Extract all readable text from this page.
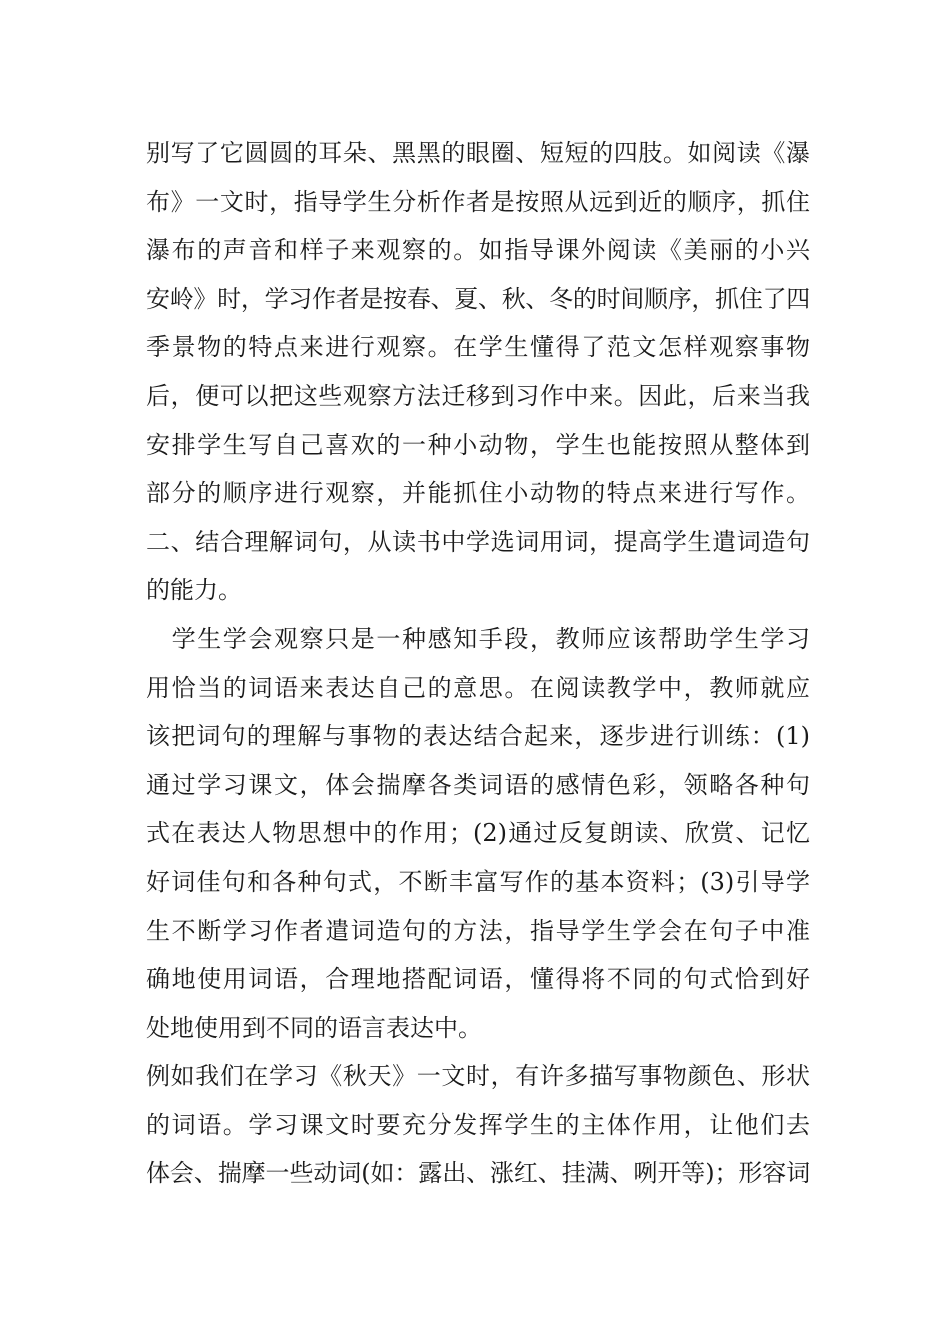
别写了它圆圆的耳朵、黑黑的眼圈、短短的四肢。如阅读《瀑
布》一文时，指导学生分析作者是按照从远到近的顺序，抓住
瀑布的声音和样子来观察的。如指导课外阅读《美丽的小兴
安岭》时，学习作者是按春、夏、秋、冬的时间顺序，抓住了四
季景物的特点来进行观察。在学生懂得了范文怎样观察事物
后，便可以把这些观察方法迁移到习作中来。因此，后来当我
安排学生写自己喜欢的一种小动物，学生也能按照从整体到
部分的顺序进行观察，并能抓住小动物的特点来进行写作。
二、结合理解词句，从读书中学选词用词，提高学生遣词造句
的能力。
　学生学会观察只是一种感知手段，教师应该帮助学生学习
用恰当的词语来表达自己的意思。在阅读教学中，教师就应
该把词句的理解与事物的表达结合起来，逐步进行训练：(1)
通过学习课文，体会揣摩各类词语的感情色彩，领略各种句
式在表达人物思想中的作用；(2)通过反复朗读、欣赏、记忆
好词佳句和各种句式，不断丰富写作的基本资料；(3)引导学
生不断学习作者遣词造句的方法，指导学生学会在句子中准
确地使用词语，合理地搭配词语，懂得将不同的句式恰到好
处地使用到不同的语言表达中。
例如我们在学习《秋天》一文时，有许多描写事物颜色、形状
的词语。学习课文时要充分发挥学生的主体作用，让他们去
体会、揣摩一些动词(如：露出、涨红、挂满、咧开等)；形容词
